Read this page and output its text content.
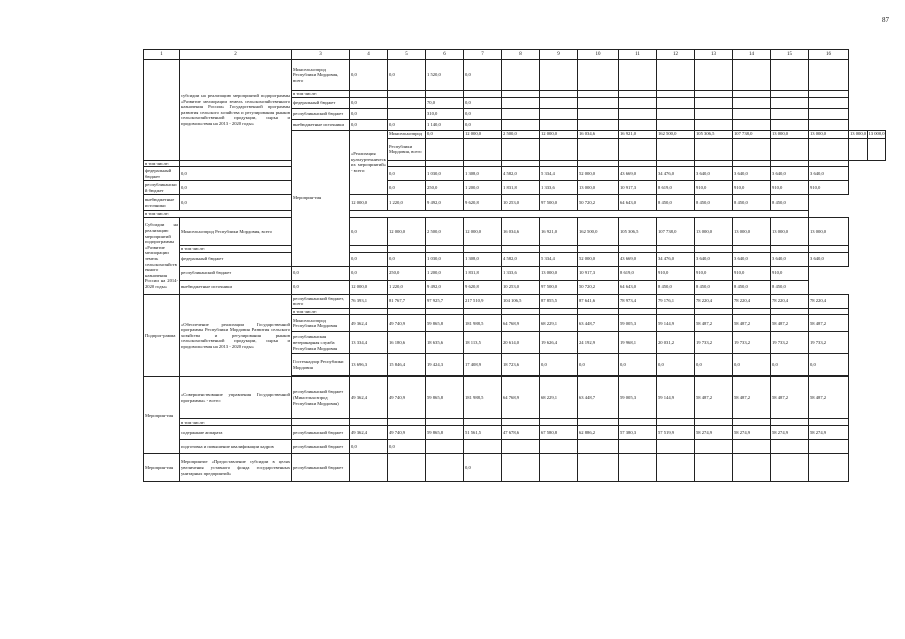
87
1	2	3	4	5	6	7	8	9	10	11	12	13	14	15	16		
	субсидии на реализацию мероприятий подпрограммы «Развитие мелиорации земель сельскохозяйственного назначения России» Государственной программы развития сельского хозяйства и регулирования рынков сельскохозяйственной продукции, сырья и продовольствия на 2013 - 2020 годы»	Минсельхозпрод Республики Мордовия, всего	0,0	0,0	1 520,0	0,0											
		в том числе:															
		федеральный бюджет	0,0		70,0	0,0											
		республиканский бюджет	0,0		310,0	0,0											
		внебюджетные источники	0,0	0,0	1 140,0	0,0											
		Мероприя-тия	«Реализация культуртехнических мероприятий» - всего:	Минсельхозпрод	0,0	12 000,0	2 500,0	12 000,0	16 034,6	16 921,0	162 500,0	105 306,5	107 738,0	13 000,0	13 000,0	13 000,0	13 000,0
				Республики Мордовия, всего													
в том числе:																	
федеральный бюджет	0,0			0,0	1 030,0	1 308,0	4 582,0	5 334,4	52 000,0	43 669,0	34 476,0	3 640,0	3 640,0	3 640,0	3 640,0		
республиканский бюджет	0,0			0,0	250,0	1 200,0	1 831,8	1 333,6	13 000,0	10 917,3	8 619,0	910,0	910,0	910,0	910,0		
внебюджетные источники	0,0		12 000,0	1 220,0	9 492,0	9 620,8	10 253,0	97 500,0	50 720,2	64 643,0	8 450,0	8 450,0	8 450,0	8 450,0			
в том числе:																	
Субсидии на реализацию мероприятий подпрограммы «Развитие мелиорации земель сельскохозяйственного назначения России на 2014-2020 годы»	Минсельхозпрод Республики Мордовия, всего		0,0	12 000,0	2 500,0	12 000,0	16 034,6	16 921,0	162 500,0	105 306,5	107 738,0	13 000,0	13 000,0	13 000,0	13 000,0		
	в том числе:																
	федеральный бюджет		0,0	0,0	1 030,0	1 308,0	4 582,0	5 334,4	52 000,0	43 669,0	34 476,0	3 640,0	3 640,0	3 640,0	3 640,0		
	республиканский бюджет	0,0	0,0	250,0	1 200,0	1 831,8	1 333,6	13 000,0	10 917,3	8 619,0	910,0	910,0	910,0	910,0			
	внебюджетные источники	0,0	12 000,0	1 220,0	9 492,0	9 620,8	10 253,0	97 500,0	50 720,2	64 643,0	8 450,0	8 450,0	8 450,0	8 450,0			
Подпрог-рамма	«Обеспечение реализации Государственной программы Республики Мордовия Развития сельского хозяйства и регулирования рынков сельскохозяйственной продукции, сырья и продовольствия на 2013 - 2020 годы»	республиканский бюджет, всего	76 393,1	81 767,7	97 925,7	217 510,9	104 106,5	87 855,5	87 641,6	78 973,4	79 176,1	78 220,4	78 220,4	78 220,4	78 220,4		
		в том числе:															
		Минсельхозпрод Республики Мордовия	49 362,4	49 740,9	59 865,8	181 988,5	64 768,9	68 229,1	63 448,7	59 005,3	59 144,9	58 487,2	58 487,2	58 487,2	58 487,2		
		республиканская ветеринарная служба Республики Мордовия	13 334,4	16 180,6	18 635,6	18 113,5	20 614,0	19 626,4	24 192,9	19 968,1	20 031,2	19 733,2	19 733,2	19 733,2	19 733,2		
		Гостехнадзор Республики Мордовия	13 696,3	15 846,4	19 424,3	17 408,9	18 723,6	0,0	0,0	0,0	0,0	0,0	0,0	0,0	0,0		

Мероприя-тия	«Совершенствование управления Государственной программы» - всего:	республиканский бюджет (Минсельхозпрод Республики Мордовия)	49 362,4	49 740,9	59 865,8	181 988,5	64 768,9	68 229,1	63 448,7	59 005,3	59 144,9	58 487,2	58 487,2	58 487,2	58 487,2		
	в том числе:																
	содержание аппарата	республиканский бюджет	49 362,4	49 740,9	59 865,8	51 561,5	47 678,6	67 580,8	62 886,2	57 380,3	57 519,9	58 274,9	58 274,9	58 274,9	58 274,9		
	подготовка и повышение квалификации кадров	республиканский бюджет	0,0	0,0													
Мероприя-тия	Мероприятие «Предоставление субсидии в целях увеличения уставного фонда государственных унитарных предприятий»	республиканский бюджет				0,0											
